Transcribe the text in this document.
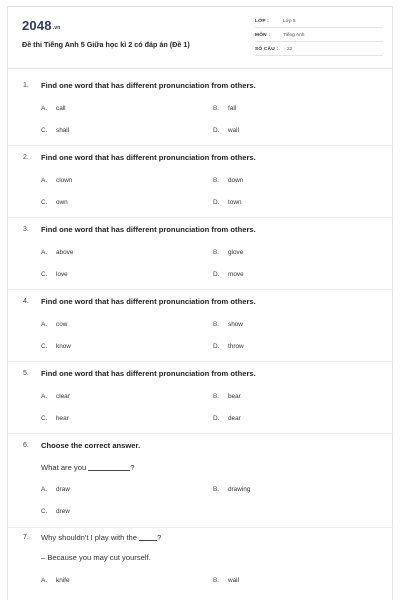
2048.vn
Đề thi Tiếng Anh 5 Giữa học kì 2 có đáp án (Đề 1)
LỚP :	Lớp 5
MÔN :	Tiếng Anh
SỐ CÂU : 22
1. Find one word that has different pronunciation from others.
A. call	B. fall
C. shall	D. wall
2. Find one word that has different pronunciation from others.
A. clown	B. down
C. own	D. town
3. Find one word that has different pronunciation from others.
A. above	B. glove
C. love	D. move
4. Find one word that has different pronunciation from others.
A. cow	B. show
C. know	D. throw
5. Find one word that has different pronunciation from others.
A. clear	B. bear
C. hear	D. dear
6. Choose the correct answer.
What are you	?
A. draw	B. drawing
C. drew
7. Why shouldn't I play with the	?
– Because you may cut yourself.
A. knife	B. wall
